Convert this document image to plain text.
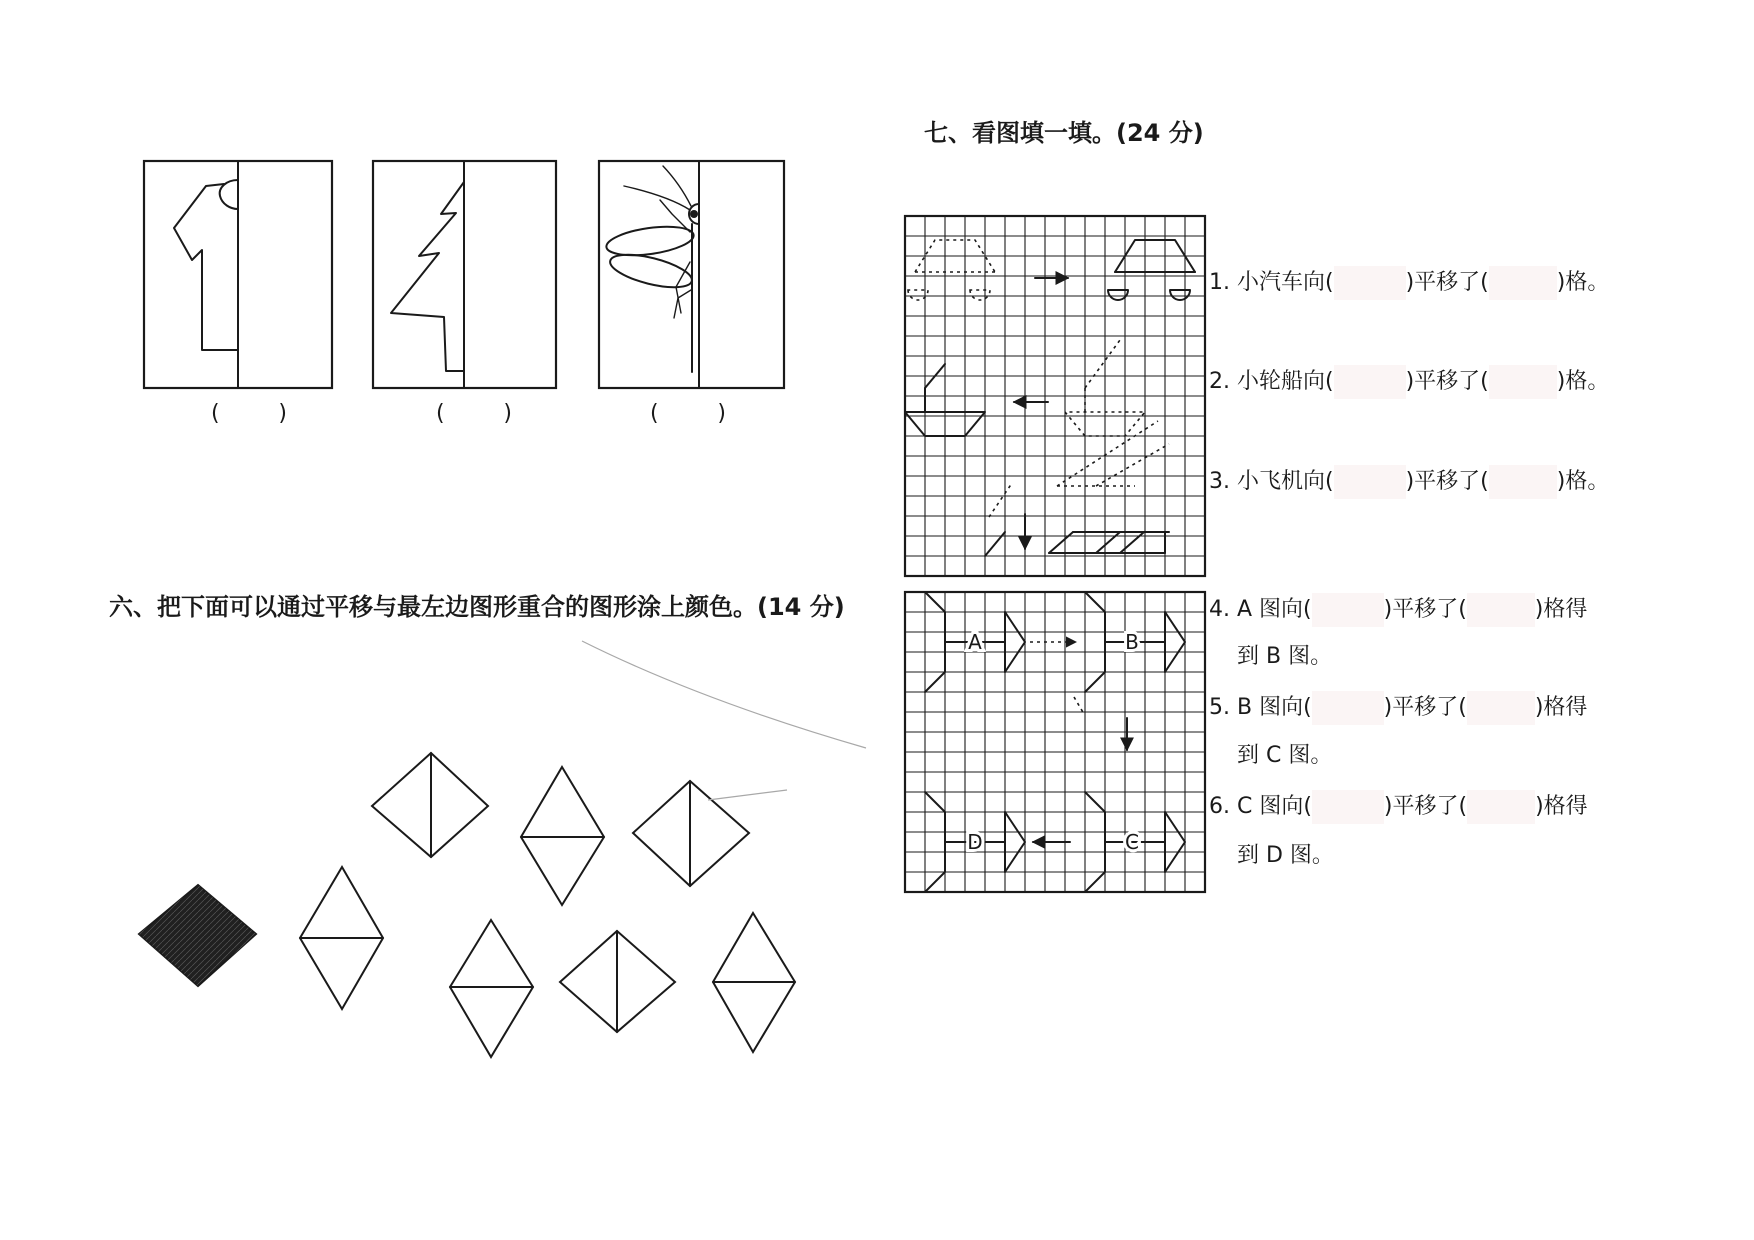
A	B
C
D
(	)	(	)	(	)
七、看图填一填。(24 分)
六、把下面可以通过平移与最左边图形重合的图形涂上颜色。(14 分)
1. 小汽车向(	)平移了(	)格。
2. 小轮船向(	)平移了(	)格。
3. 小飞机向(	)平移了(	)格。
4. A 图向(	)平移了(	)格得
到 B 图。
5. B 图向(	)平移了(	)格得
到 C 图。
6. C 图向(	)平移了(	)格得
到 D 图。
